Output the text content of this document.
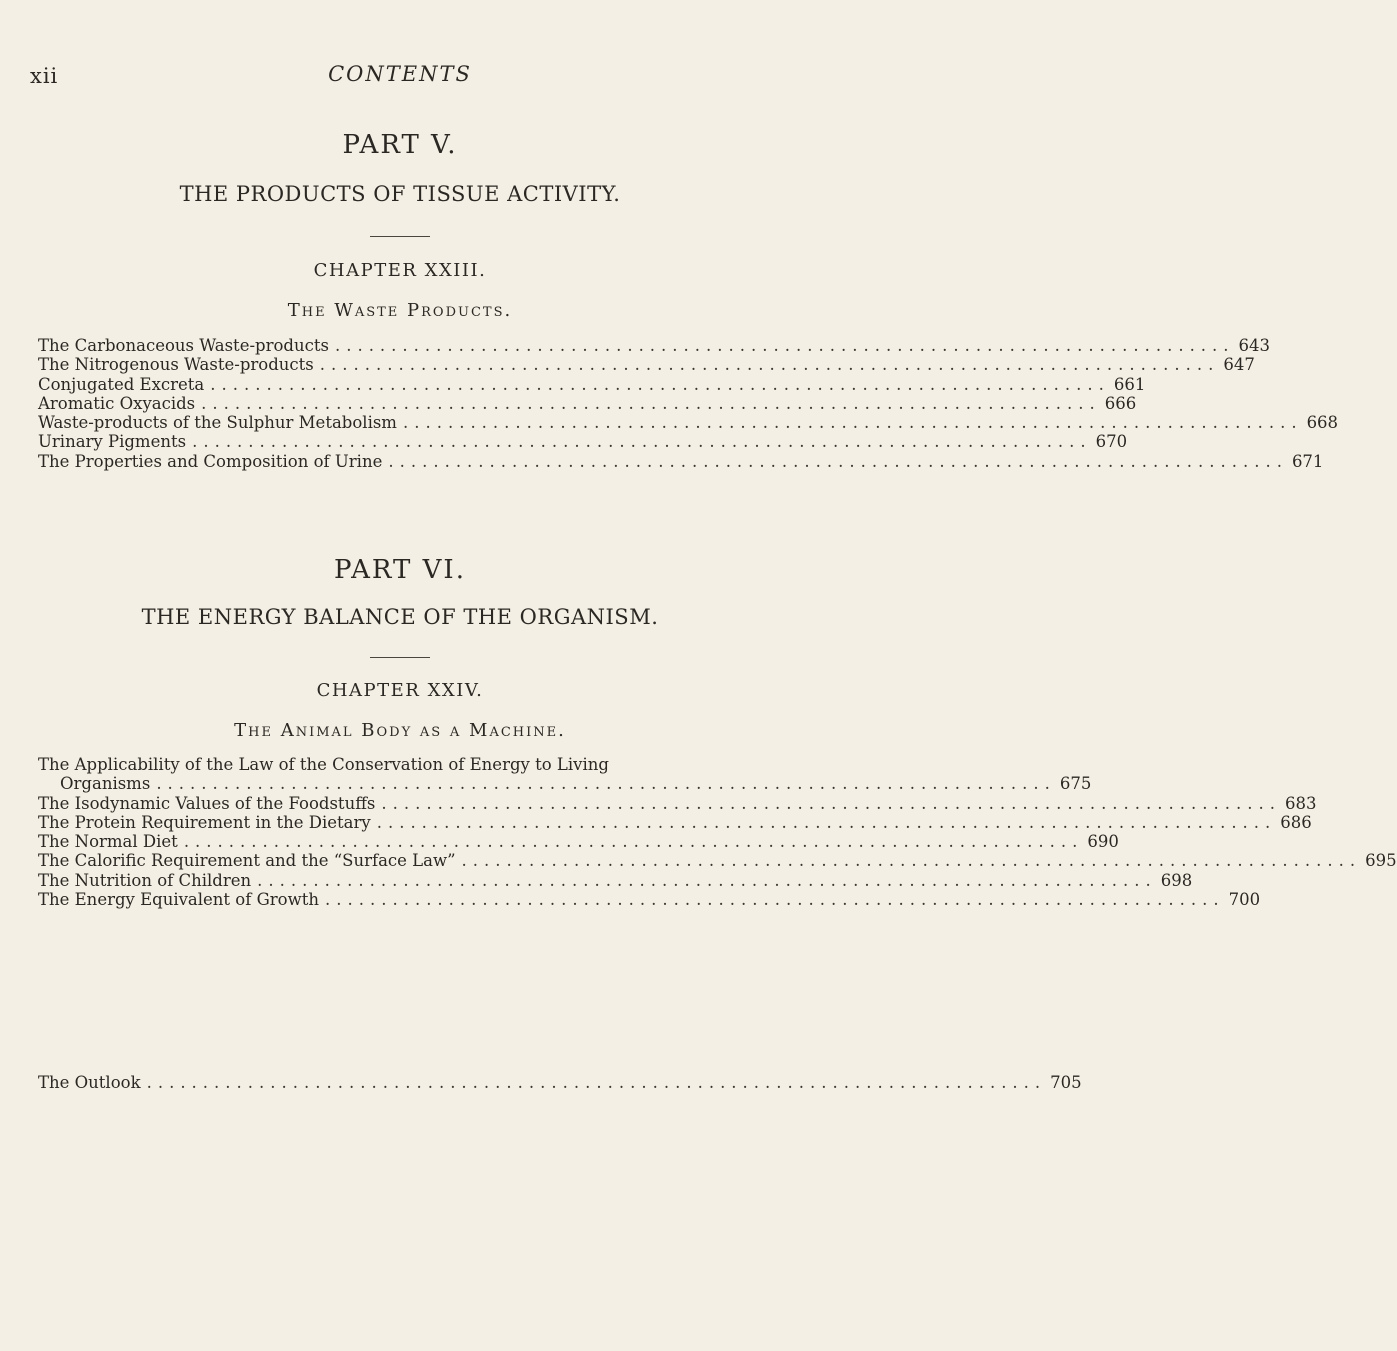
xii	CONTENTS
PART V.
THE PRODUCTS OF TISSUE ACTIVITY.
CHAPTER XXIII.
The Waste Products.
The Carbonaceous Waste-products ................................................................................ 643
The Nitrogenous Waste-products ................................................................................ 647
Conjugated Excreta ................................................................................ 661
Aromatic Oxyacids ................................................................................ 666
Waste-products of the Sulphur Metabolism ................................................................................ 668
Urinary Pigments ................................................................................ 670
The Properties and Composition of Urine ................................................................................ 671
PART VI.
THE ENERGY BALANCE OF THE ORGANISM.
CHAPTER XXIV.
The Animal Body as a Machine.
The Applicability of the Law of the Conservation of Energy to Living
Organisms ................................................................................ 675
The Isodynamic Values of the Foodstuffs ................................................................................ 683
The Protein Requirement in the Dietary ................................................................................ 686
The Normal Diet ................................................................................ 690
The Calorific Requirement and the “Surface Law” ................................................................................ 695
The Nutrition of Children ................................................................................ 698
The Energy Equivalent of Growth ................................................................................ 700
The Outlook ................................................................................ 705
